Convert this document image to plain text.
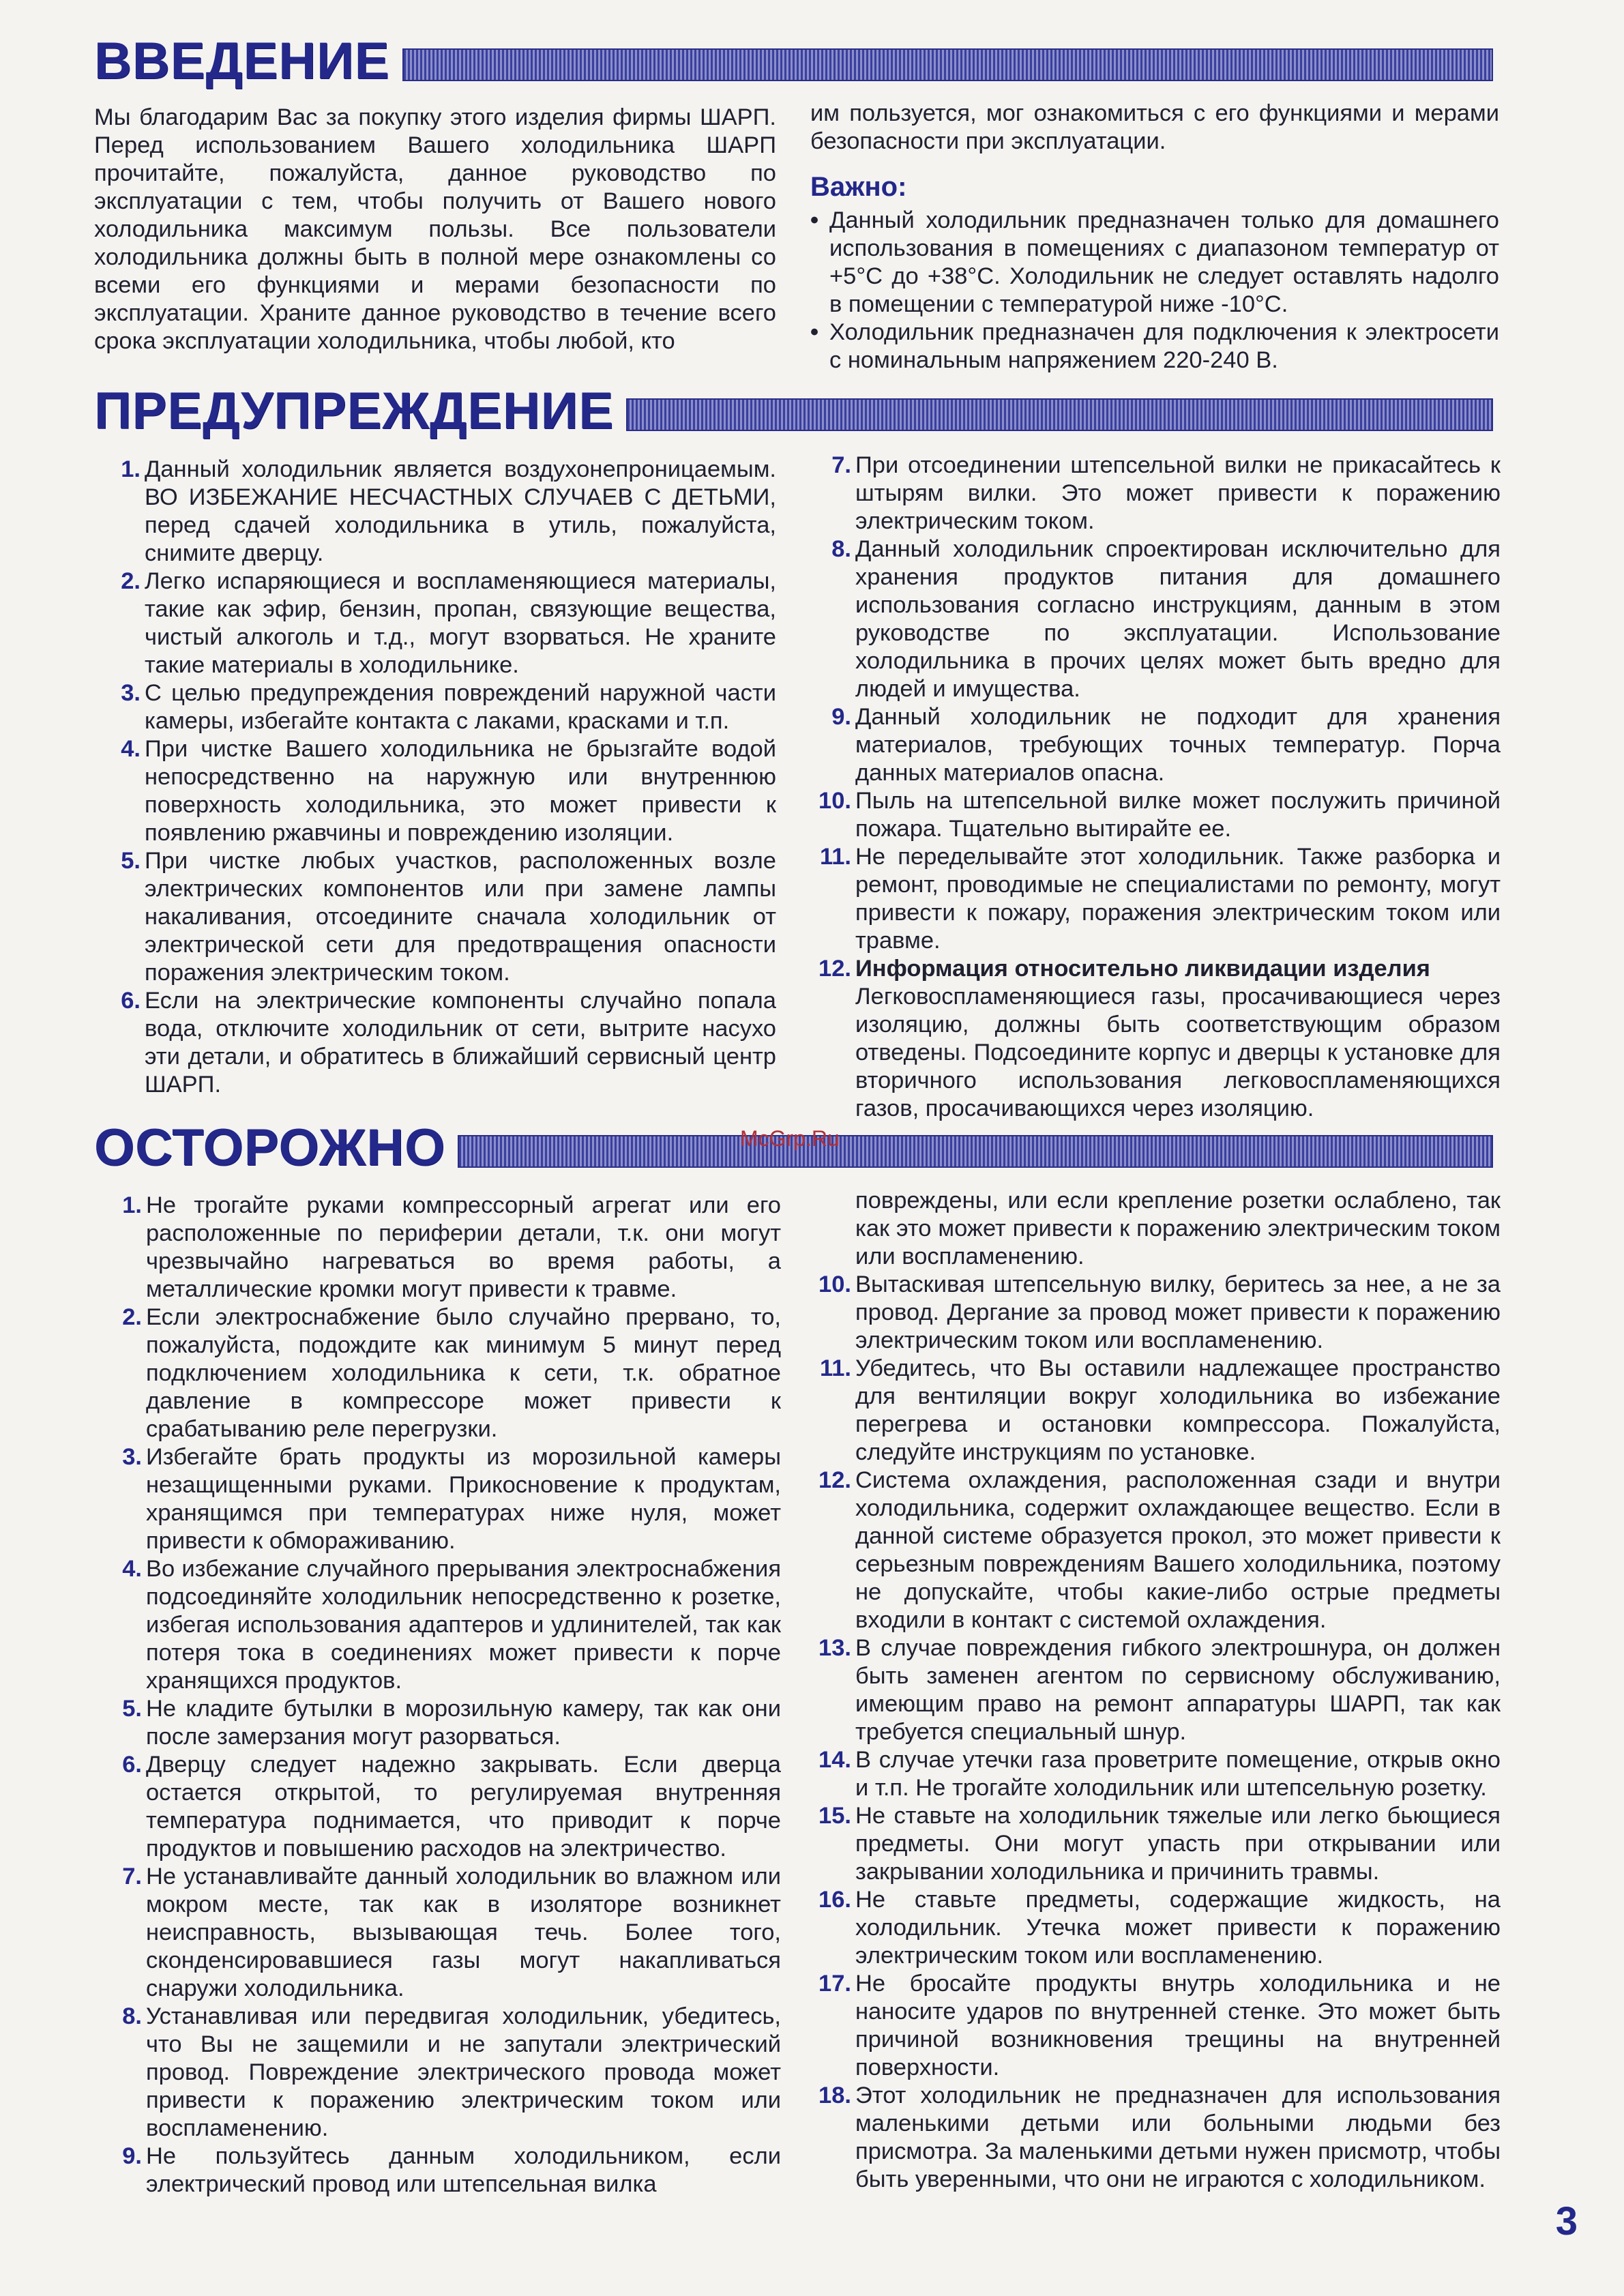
ВВЕДЕНИЕ

Мы благодарим Вас за покупку этого изделия фирмы ШАРП. Перед использованием Вашего холодильника ШАРП прочитайте, пожалуйста, данное руководство по эксплуатации с тем, чтобы получить от Вашего нового холодильника максимум пользы. Все пользователи холодильника должны быть в полной мере ознакомлены со всеми его функциями и мерами безопасности по эксплуатации. Храните данное руководство в течение всего срока эксплуатации холодильника, чтобы любой, кто

им пользуется, мог ознакомиться с его функциями и мерами безопасности при эксплуатации.

Важно:
• Данный холодильник предназначен только для домашнего использования в помещениях с диапазоном температур от +5°С до +38°С. Холодильник не следует оставлять надолго в помещении с температурой ниже -10°С.
• Холодильник предназначен для подключения к электросети с номинальным напряжением 220-240 В.
ПРЕДУПРЕЖДЕНИЕ
1. Данный холодильник является воздухонепроницаемым. ВО ИЗБЕЖАНИЕ НЕСЧАСТНЫХ СЛУЧАЕВ С ДЕТЬМИ, перед сдачей холодильника в утиль, пожалуйста, снимите дверцу.
2. Легко испаряющиеся и воспламеняющиеся материалы, такие как эфир, бензин, пропан, связующие вещества, чистый алкоголь и т.д., могут взорваться. Не храните такие материалы в холодильнике.
3. С целью предупреждения повреждений наружной части камеры, избегайте контакта с лаками, красками и т.п.
4. При чистке Вашего холодильника не брызгайте водой непосредственно на наружную или внутреннюю поверхность холодильника, это может привести к появлению ржавчины и повреждению изоляции.
5. При чистке любых участков, расположенных возле электрических компонентов или при замене лампы накаливания, отсоедините сначала холодильник от электрической сети для предотвращения опасности поражения электрическим током.
6. Если на электрические компоненты случайно попала вода, отключите холодильник от сети, вытрите насухо эти детали, и обратитесь в ближайший сервисный центр ШАРП.
7. При отсоединении штепсельной вилки не прикасайтесь к штырям вилки. Это может привести к поражению электрическим током.
8. Данный холодильник спроектирован исключительно для хранения продуктов питания для домашнего использования согласно инструкциям, данным в этом руководстве по эксплуатации. Использование холодильника в прочих целях может быть вредно для людей и имущества.
9. Данный холодильник не подходит для хранения материалов, требующих точных температур. Порча данных материалов опасна.
10. Пыль на штепсельной вилке может послужить причиной пожара. Тщательно вытирайте ее.
11. Не переделывайте этот холодильник. Также разборка и ремонт, проводимые не специалистами по ремонту, могут привести к пожару, поражения электрическим током или травме.
12. Информация относительно ликвидации изделия
Легковоспламеняющиеся газы, просачивающиеся через изоляцию, должны быть соответствующим образом отведены. Подсоедините корпус и дверцы к установке для вторичного использования легковоспламеняющихся газов, просачивающихся через изоляцию.
ОСТОРОЖНО
1. Не трогайте руками компрессорный агрегат или его расположенные по периферии детали, т.к. они могут чрезвычайно нагреваться во время работы, а металлические кромки могут привести к травме.
2. Если электроснабжение было случайно прервано, то, пожалуйста, подождите как минимум 5 минут перед подключением холодильника к сети, т.к. обратное давление в компрессоре может привести к срабатыванию реле перегрузки.
3. Избегайте брать продукты из морозильной камеры незащищенными руками. Прикосновение к продуктам, хранящимся при температурах ниже нуля, может привести к обмораживанию.
4. Во избежание случайного прерывания электроснабжения подсоединяйте холодильник непосредственно к розетке, избегая использования адаптеров и удлинителей, так как потеря тока в соединениях может привести к порче хранящихся продуктов.
5. Не кладите бутылки в морозильную камеру, так как они после замерзания могут разорваться.
6. Дверцу следует надежно закрывать. Если дверца остается открытой, то регулируемая внутренняя температура поднимается, что приводит к порче продуктов и повышению расходов на электричество.
7. Не устанавливайте данный холодильник во влажном или мокром месте, так как в изоляторе возникнет неисправность, вызывающая течь. Более того, сконденсировавшиеся газы могут накапливаться снаружи холодильника.
8. Устанавливая или передвигая холодильник, убедитесь, что Вы не защемили и не запутали электрический провод. Повреждение электрического провода может привести к поражению электрическим током или воспламенению.
9. Не пользуйтесь данным холодильником, если электрический провод или штепсельная вилка

повреждены, или если крепление розетки ослаблено, так как это может привести к поражению электрическим током или воспламенению.

10. Вытаскивая штепсельную вилку, беритесь за нее, а не за провод. Дергание за провод может привести к поражению электрическим током или воспламенению.
11. Убедитесь, что Вы оставили надлежащее пространство для вентиляции вокруг холодильника во избежание перегрева и остановки компрессора. Пожалуйста, следуйте инструкциям по установке.
12. Система охлаждения, расположенная сзади и внутри холодильника, содержит охлаждающее вещество. Если в данной системе образуется прокол, это может привести к серьезным повреждениям Вашего холодильника, поэтому не допускайте, чтобы какие-либо острые предметы входили в контакт с системой охлаждения.
13. В случае повреждения гибкого электрошнура, он должен быть заменен агентом по сервисному обслуживанию, имеющим право на ремонт аппаратуры ШАРП, так как требуется специальный шнур.
14. В случае утечки газа проветрите помещение, открыв окно и т.п. Не трогайте холодильник или штепсельную розетку.
15. Не ставьте на холодильник тяжелые или легко бьющиеся предметы. Они могут упасть при открывании или закрывании холодильника и причинить травмы.
16. Не ставьте предметы, содержащие жидкость, на холодильник. Утечка может привести к поражению электрическим током или воспламенению.
17. Не бросайте продукты внутрь холодильника и не наносите ударов по внутренней стенке. Это может быть причиной возникновения трещины на внутренней поверхности.
18. Этот холодильник не предназначен для использования маленькими детьми или больными людьми без присмотра. За маленькими детьми нужен присмотр, чтобы быть уверенными, что они не играются с холодильником.
McGrp.Ru
3
